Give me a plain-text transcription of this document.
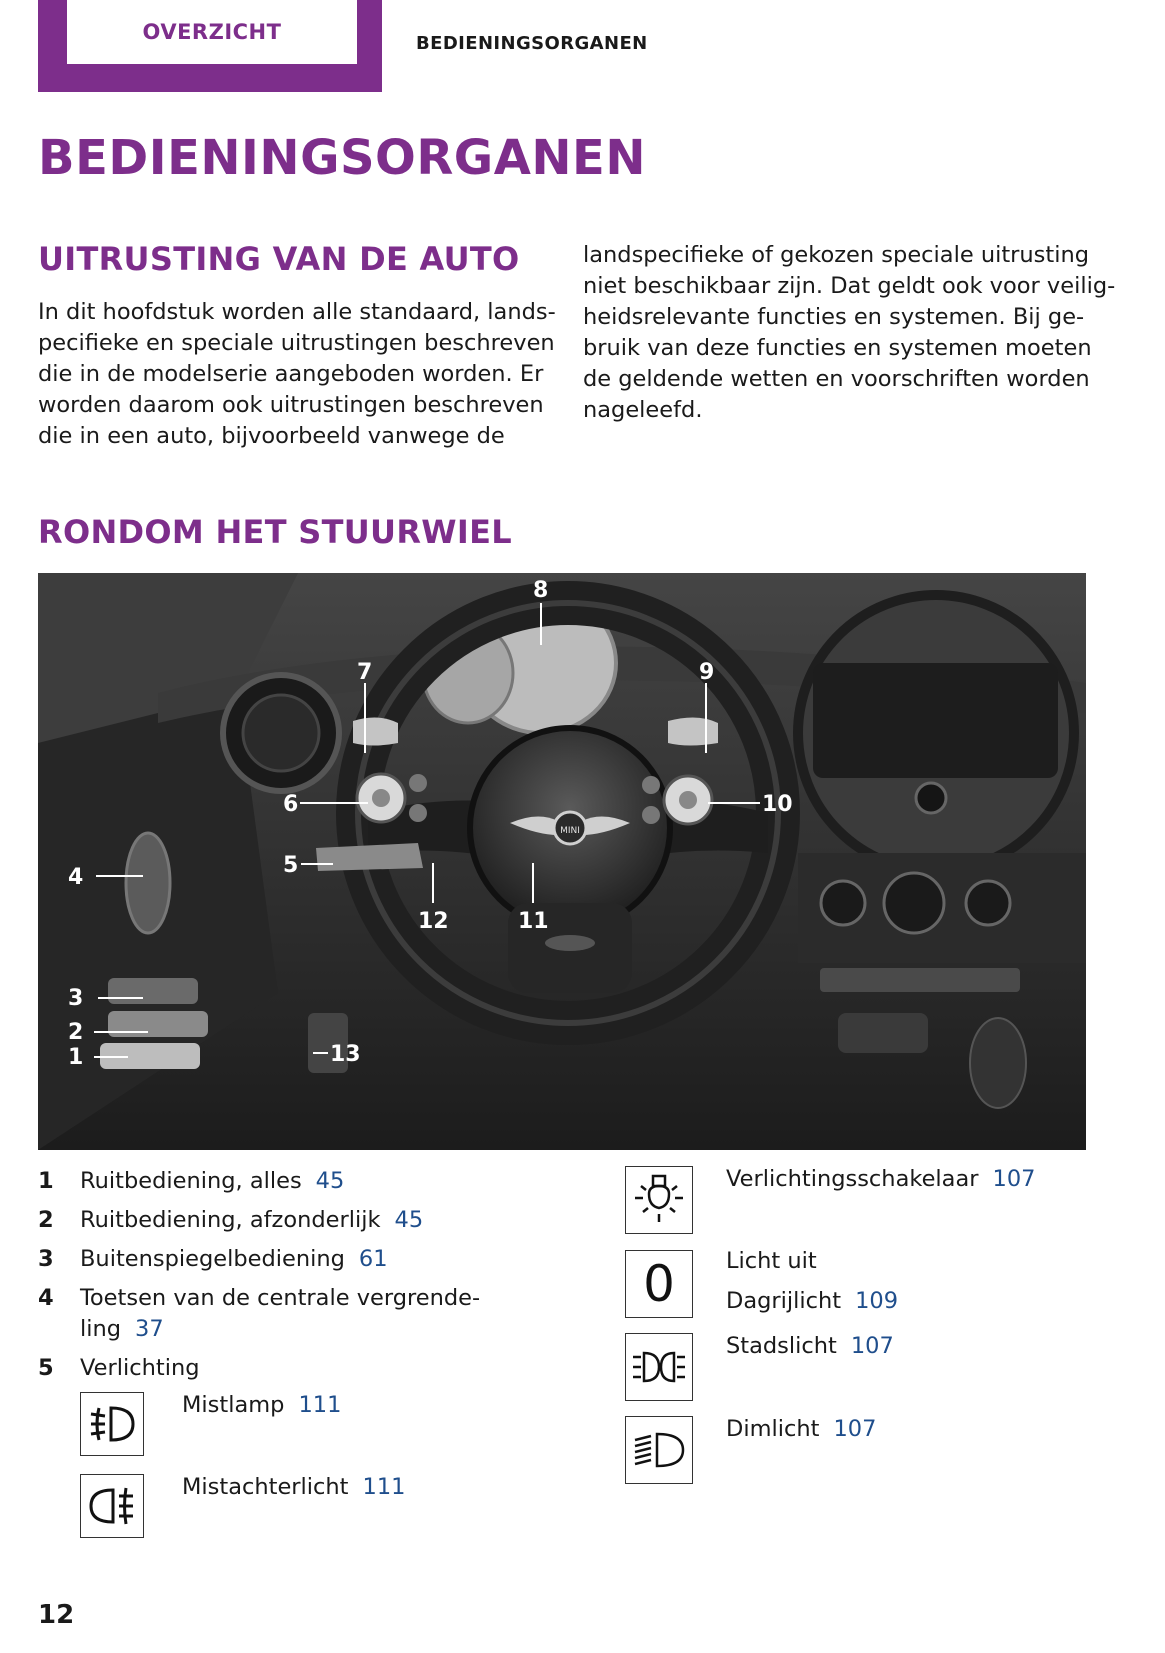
OVERZICHT	BEDIENINGSORGANEN
BEDIENINGSORGANEN
UITRUSTING VAN DE AUTO
In dit hoofdstuk worden alle standaard, lands-
pecifieke en speciale uitrustingen beschreven
die in de modelserie aangeboden worden. Er
worden daarom ook uitrustingen beschreven
die in een auto, bijvoorbeeld vanwege de
landspecifieke of gekozen speciale uitrusting
niet beschikbaar zijn. Dat geldt ook voor veilig-
heidsrelevante functies en systemen. Bij ge-
bruik van deze functies en systemen moeten
de geldende wetten en voorschriften worden
nageleefd.
RONDOM HET STUURWIEL
MINI
1
2
3
4	5
6
7
8
9
10
11
12
13
1 Ruitbediening, alles 45
2 Ruitbediening, afzonderlijk 45
3 Buitenspiegelbediening 61
4 Toetsen van de centrale vergrende-
ling 37
5 Verlichting
Mistlamp 111
Mistachterlicht 111
Verlichtingsschakelaar 107
0	Licht uit
Dagrijlicht 109
Stadslicht 107
Dimlicht 107
12
